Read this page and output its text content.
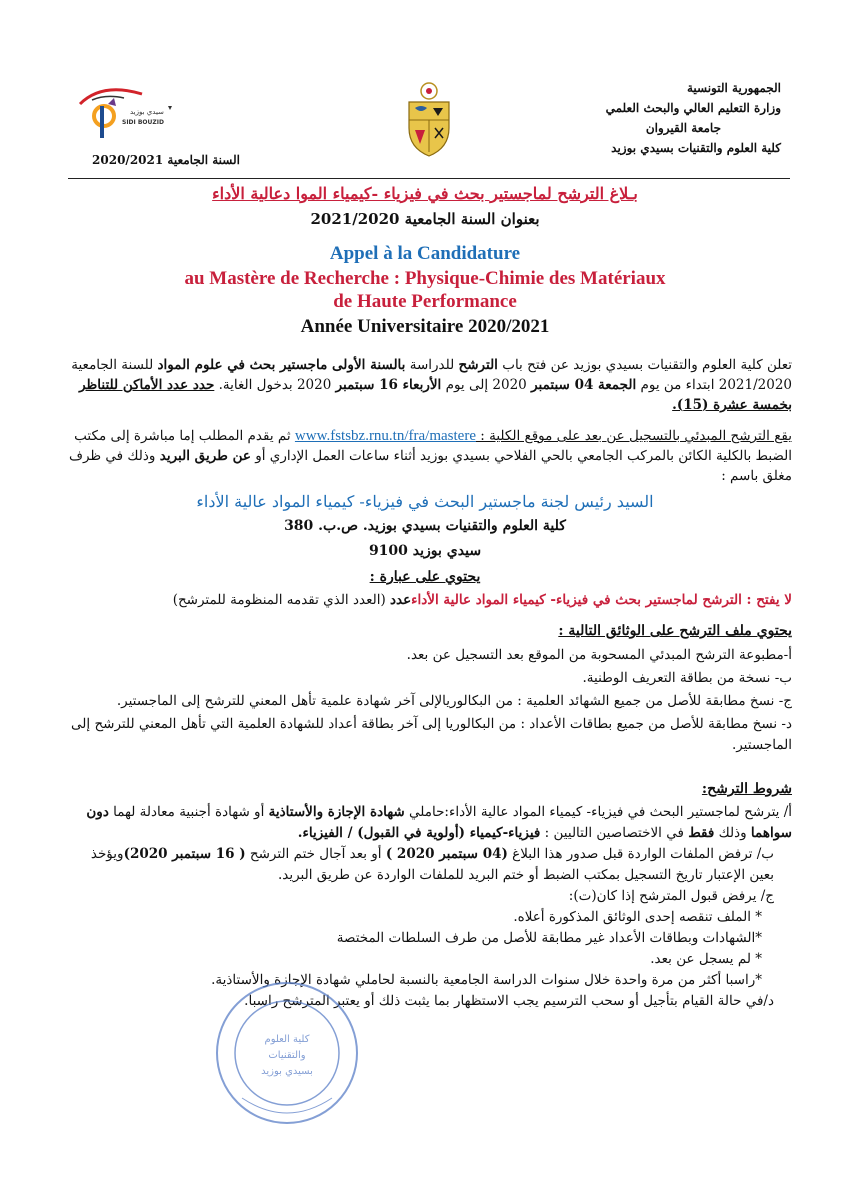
الجمهورية التونسية
وزارة التعليم العالي والبحث العلمي
جامعة القيروان
كلية العلوم والتقنيات بسيدي بوزيد
سيدي بوزيد
SIDI BOUZID
السنة الجامعية 2020/2021
بـلاغ الترشح لماجستير بحث في فيزياء -كيمياء الموا دعالية الأداء
بعنوان السنة الجامعية 2021/2020
Appel à la Candidature
au Mastère de Recherche : Physique-Chimie des Matériaux
de Haute Performance
Année Universitaire 2020/2021
تعلن كلية العلوم والتقنيات بسيدي بوزيد عن فتح باب الترشح للدراسة بالسنة الأولى ماجستير بحث في علوم المواد للسنة الجامعية 2021/2020 ابتداء من يوم الجمعة 04 سبتمبر 2020 إلى يوم الأربعاء 16 سبتمبر 2020 بدخول الغاية. حدد عدد الأماكن للتناظر بخمسة عشرة (15).
يقع الترشح المبدئي بالتسجيل عن بعد على موقع الكلية : www.fstsbz.rnu.tn/fra/mastere ثم يقدم المطلب إما مباشرة إلى مكتب الضبط بالكلية الكائن بالمركب الجامعي بالحي الفلاحي بسيدي بوزيد أثناء ساعات العمل الإداري أو عن طريق البريد وذلك في ظرف مغلق باسم :
السيد رئيس لجنة ماجستير البحث في فيزياء- كيمياء المواد عالية الأداء
كلية العلوم والتقنيات بسيدي بوزيد. ص.ب. 380
سيدي بوزيد 9100
يحتوي على عبارة :
لا يفتح : الترشح لماجستير بحث في فيزياء- كيمياء المواد عالية الأداءعدد (العدد الذي تقدمه المنظومة للمترشح)
يحتوي ملف الترشح على الوثائق التالية :
أ-مطبوعة الترشح المبدئي المسحوبة من الموقع بعد التسجيل عن بعد.
ب- نسخة من بطاقة التعريف الوطنية.
ج- نسخ مطابقة للأصل من جميع الشهائد العلمية : من البكالوريالإلى آخر شهادة علمية تأهل المعني للترشح إلى الماجستير.
د- نسخ مطابقة للأصل من جميع بطاقات الأعداد : من البكالوريا إلى آخر بطاقة أعداد للشهادة العلمية التي تأهل المعني للترشح إلى الماجستير.
شروط الترشح:
أ/ يترشح لماجستير البحث في فيزياء- كيمياء المواد عالية الأداء:حاملي شهادة الإجازة والأستاذية أو شهادة أجنبية معادلة لهما دون سواهما وذلك فقط في الاختصاصين التاليين : فيزياء-كيمياء (أولوية في القبول) / الفيزياء.
ب/ ترفض الملفات الواردة قبل صدور هذا البلاغ (04 سبتمبر 2020 ) أو بعد آجال ختم الترشح ( 16 سبتمبر 2020)ويؤخذ بعين الإعتبار تاريخ التسجيل بمكتب الضبط أو ختم البريد للملفات الواردة عن طريق البريد.
ج/ يرفض قبول المترشح إذا كان(ت):
* الملف تنقصه إحدى الوثائق المذكورة أعلاه.
*الشهادات وبطاقات الأعداد غير مطابقة للأصل من طرف السلطات المختصة
* لم يسجل عن بعد.
*راسبا أكثر من مرة واحدة خلال سنوات الدراسة الجامعية بالنسبة لحاملي شهادة الإجازة والأستاذية.
د/في حالة القيام بتأجيل أو سحب الترسيم يجب الاستظهار بما يثبت ذلك أو يعتبر المترشح راسبا.
كلية العلوم
والتقنيات
بسيدي بوزيد
